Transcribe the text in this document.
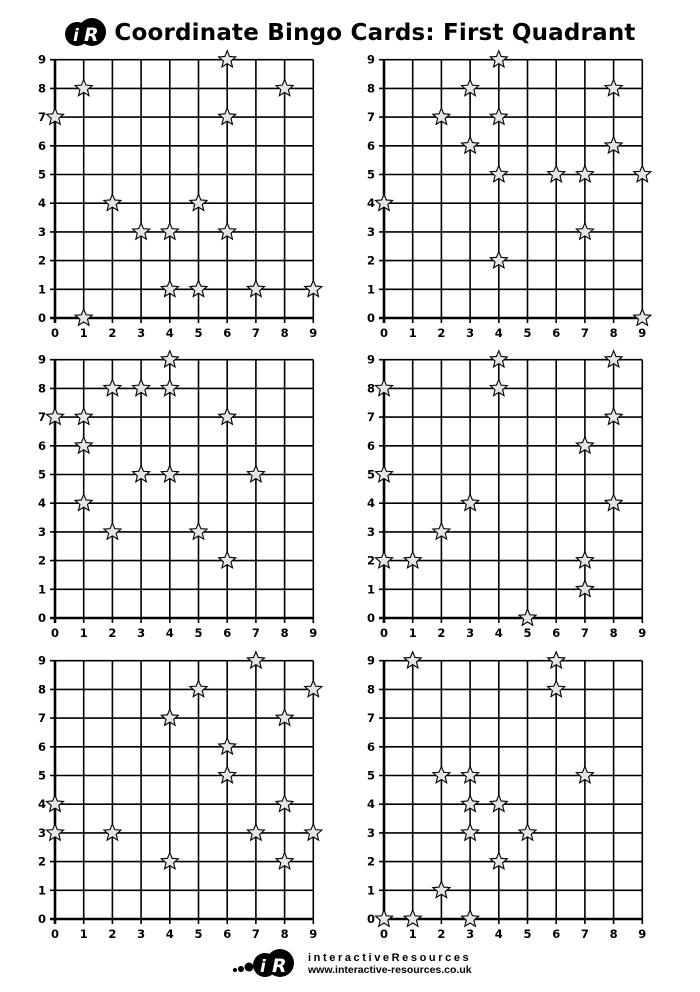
i R Coordinate Bingo Cards: First Quadrant
0
0
1
1
2
2
3
3
4
4
5
5
6
6
7
7
8
8
9
9
0
0
1
1
2
2
3
3
4
4
5
5
6
6
7
7
8
8
9
9
0
0
1
1
2
2
3
3
4
4
5
5
6
6
7
7
8
8
9
9
0
0
1
1
2
2
3
3
4
4
5
5
6
6
7
7
8
8
9
9
0
0
1
1
2
2
3
3
4
4
5
5
6
6
7
7
8
8
9
9
0
0
1
1
2
2
3
3
4
4
5
5
6
6
7
7
8
8
9
9
i R interactiveResources
www.interactive-resources.co.uk
